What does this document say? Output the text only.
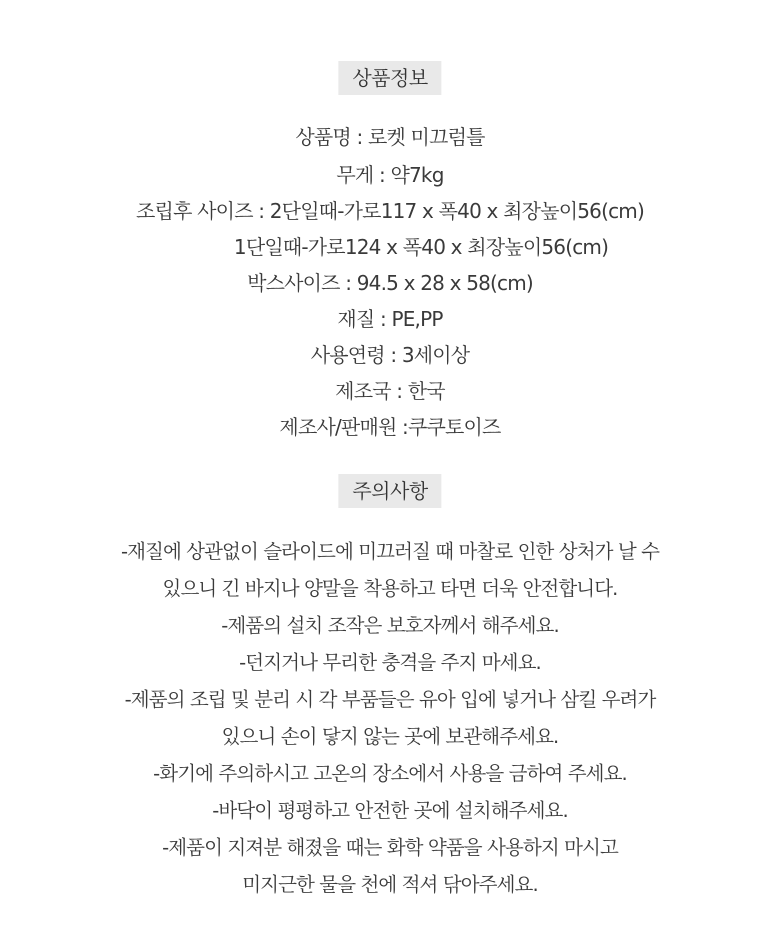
상품정보
상품명 : 로켓 미끄럼틀
무게 : 약7kg
조립후 사이즈 : 2단일때-가로117 x 폭40 x 최장높이56(cm)
1단일때-가로124 x 폭40 x 최장높이56(cm)
박스사이즈 : 94.5 x 28 x 58(cm)
재질 : PE,PP
사용연령 : 3세이상
제조국 : 한국
제조사/판매원 :쿠쿠토이즈
주의사항
-재질에 상관없이 슬라이드에 미끄러질 때 마찰로 인한 상처가 날 수
있으니 긴 바지나 양말을 착용하고 타면 더욱 안전합니다.
-제품의 설치 조작은 보호자께서 해주세요.
-던지거나 무리한 충격을 주지 마세요.
-제품의 조립 및 분리 시 각 부품들은 유아 입에 넣거나 삼킬 우려가
있으니 손이 닿지 않는 곳에 보관해주세요.
-화기에 주의하시고 고온의 장소에서 사용을 금하여 주세요.
-바닥이 평평하고 안전한 곳에 설치해주세요.
-제품이 지져분 해졌을 때는 화학 약품을 사용하지 마시고
미지근한 물을 천에 적셔 닦아주세요.
